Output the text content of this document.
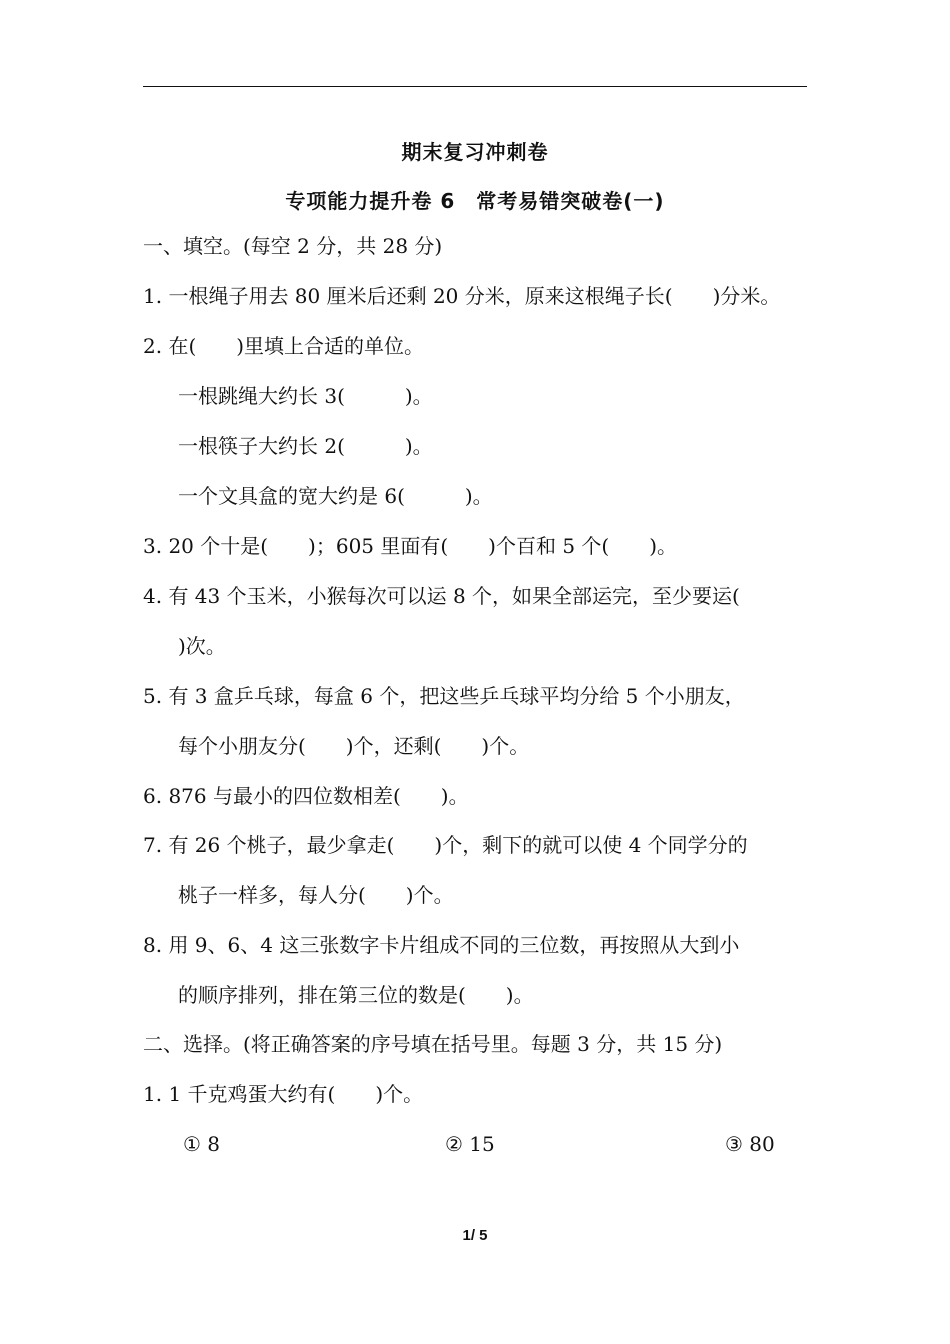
期末复习冲刺卷
专项能力提升卷 6　常考易错突破卷(一)
一、填空。(每空 2 分，共 28 分)
1. 一根绳子用去 80 厘米后还剩 20 分米，原来这根绳子长(　　)分米。
2. 在(　　)里填上合适的单位。
一根跳绳大约长 3(　　　)。
一根筷子大约长 2(　　　)。
一个文具盒的宽大约是 6(　　　)。
3. 20 个十是(　　)；605 里面有(　　)个百和 5 个(　　)。
4. 有 43 个玉米，小猴每次可以运 8 个，如果全部运完，至少要运(
)次。
5. 有 3 盒乒乓球，每盒 6 个，把这些乒乓球平均分给 5 个小朋友，
每个小朋友分(　　)个，还剩(　　)个。
6. 876 与最小的四位数相差(　　)。
7. 有 26 个桃子，最少拿走(　　)个，剩下的就可以使 4 个同学分的
桃子一样多，每人分(　　)个。
8. 用 9、6、4 这三张数字卡片组成不同的三位数，再按照从大到小
的顺序排列，排在第三位的数是(　　)。
二、选择。(将正确答案的序号填在括号里。每题 3 分，共 15 分)
1. 1 千克鸡蛋大约有(　　)个。
① 8	② 15	③ 80
1/ 5
